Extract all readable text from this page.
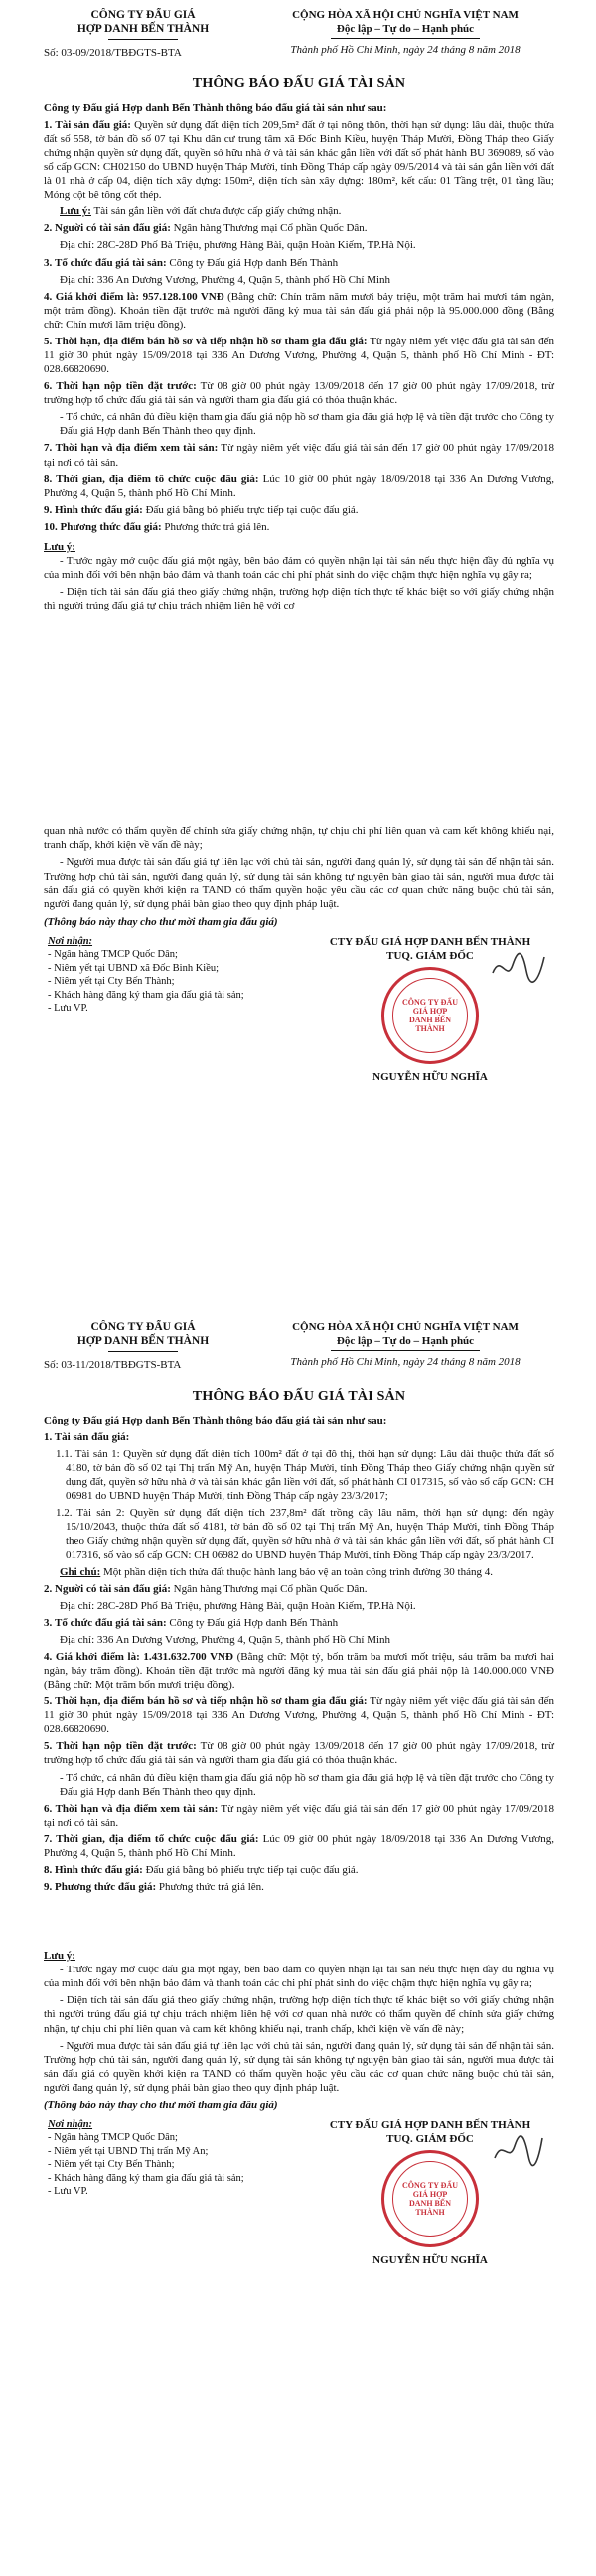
CÔNG TY ĐẤU GIÁ
HỢP DANH BẾN THÀNH
Số: 03-09/2018/TBĐGTS-BTA
CỘNG HÒA XÃ HỘI CHỦ NGHĨA VIỆT NAM
Độc lập – Tự do – Hạnh phúc
Thành phố Hồ Chí Minh, ngày 24 tháng 8 năm 2018
THÔNG BÁO ĐẤU GIÁ TÀI SẢN

Công ty Đấu giá Hợp danh Bến Thành thông báo đấu giá tài sản như sau:

1. Tài sản đấu giá: Quyền sử dụng đất diện tích 209,5m² đất ở tại nông thôn, thời hạn sử dụng: lâu dài, thuộc thửa đất số 558, tờ bản đồ số 07 tại Khu dân cư trung tâm xã Đốc Binh Kiều, huyện Tháp Mười, Đồng Tháp theo Giấy chứng nhận quyền sử dụng đất, quyền sở hữu nhà ở và tài sản khác gắn liền với đất số phát hành BU 369089, số vào sổ cấp GCN: CH02150 do UBND huyện Tháp Mười, tỉnh Đồng Tháp cấp ngày 09/5/2014 và tài sản gắn liền với đất là 01 nhà ở cấp 04, diện tích xây dựng: 150m², diện tích sàn xây dựng: 180m², kết cấu: 01 Tầng trệt, 01 tầng lầu; Móng cột bê tông cốt thép.

Lưu ý: Tài sản gắn liền với đất chưa được cấp giấy chứng nhận.

2. Người có tài sản đấu giá: Ngân hàng Thương mại Cổ phần Quốc Dân.

Địa chỉ: 28C-28D Phố Bà Triệu, phường Hàng Bài, quận Hoàn Kiếm, TP.Hà Nội.

3. Tổ chức đấu giá tài sản: Công ty Đấu giá Hợp danh Bến Thành

Địa chỉ: 336 An Dương Vương, Phường 4, Quận 5, thành phố Hồ Chí Minh

4. Giá khởi điểm là: 957.128.100 VNĐ (Bằng chữ: Chín trăm năm mươi bảy triệu, một trăm hai mươi tám ngàn, một trăm đồng). Khoản tiền đặt trước mà người đăng ký mua tài sản đấu giá phải nộp là 95.000.000 đồng (Bằng chữ: Chín mươi lăm triệu đồng).

5. Thời hạn, địa điểm bán hồ sơ và tiếp nhận hồ sơ tham gia đấu giá: Từ ngày niêm yết việc đấu giá tài sản đến 11 giờ 30 phút ngày 15/09/2018 tại 336 An Dương Vương, Phường 4, Quận 5, thành phố Hồ Chí Minh - ĐT: 028.66820690.

6. Thời hạn nộp tiền đặt trước: Từ 08 giờ 00 phút ngày 13/09/2018 đến 17 giờ 00 phút ngày 17/09/2018, trừ trường hợp tổ chức đấu giá tài sản và người tham gia đấu giá có thỏa thuận khác.

- Tổ chức, cá nhân đủ điều kiện tham gia đấu giá nộp hồ sơ tham gia đấu giá hợp lệ và tiền đặt trước cho Công ty Đấu giá Hợp danh Bến Thành theo quy định.

7. Thời hạn và địa điểm xem tài sản: Từ ngày niêm yết việc đấu giá tài sản đến 17 giờ 00 phút ngày 17/09/2018 tại nơi có tài sản.

8. Thời gian, địa điểm tổ chức cuộc đấu giá: Lúc 10 giờ 00 phút ngày 18/09/2018 tại 336 An Dương Vương, Phường 4, Quận 5, thành phố Hồ Chí Minh.

9. Hình thức đấu giá: Đấu giá bằng bỏ phiếu trực tiếp tại cuộc đấu giá.

10. Phương thức đấu giá: Phương thức trả giá lên.

Lưu ý:

- Trước ngày mở cuộc đấu giá một ngày, bên bảo đảm có quyền nhận lại tài sản nếu thực hiện đầy đủ nghĩa vụ của mình đối với bên nhận bảo đảm và thanh toán các chi phí phát sinh do việc chậm thực hiện nghĩa vụ gây ra;

- Diện tích tài sản đấu giá theo giấy chứng nhận, trường hợp diện tích thực tế khác biệt so với giấy chứng nhận thì người trúng đấu giá tự chịu trách nhiệm liên hệ với cơ

quan nhà nước có thẩm quyền để chỉnh sửa giấy chứng nhận, tự chịu chi phí liên quan và cam kết không khiếu nại, tranh chấp, khởi kiện về vấn đề này;

- Người mua được tài sản đấu giá tự liên lạc với chủ tài sản, người đang quản lý, sử dụng tài sản để nhận tài sản. Trường hợp chủ tài sản, người đang quản lý, sử dụng tài sản không tự nguyện bàn giao tài sản, người mua được tài sản đấu giá có quyền khởi kiện ra TAND có thẩm quyền hoặc yêu cầu các cơ quan chức năng buộc chủ tài sản, người đang quản lý, sử dụng phải bàn giao theo quy định pháp luật.

(Thông báo này thay cho thư mời tham gia đấu giá)
Nơi nhận:
- Ngân hàng TMCP Quốc Dân;
- Niêm yết tại UBND xã Đốc Binh Kiều;
- Niêm yết tại Cty Bến Thành;
- Khách hàng đăng ký tham gia đấu giá tài sản;
- Lưu VP.
CTY ĐẤU GIÁ HỢP DANH BẾN THÀNH
TUQ. GIÁM ĐỐC
CÔNG TY ĐẤU GIÁ HỢP DANH BẾN THÀNH
NGUYỄN HỮU NGHĨA
CÔNG TY ĐẤU GIÁ
HỢP DANH BẾN THÀNH
Số: 03-11/2018/TBĐGTS-BTA
CỘNG HÒA XÃ HỘI CHỦ NGHĨA VIỆT NAM
Độc lập – Tự do – Hạnh phúc
Thành phố Hồ Chí Minh, ngày 24 tháng 8 năm 2018
THÔNG BÁO ĐẤU GIÁ TÀI SẢN

Công ty Đấu giá Hợp danh Bến Thành thông báo đấu giá tài sản như sau:

1. Tài sản đấu giá:

1.1. Tài sản 1: Quyền sử dụng đất diện tích 100m² đất ở tại đô thị, thời hạn sử dụng: Lâu dài thuộc thửa đất số 4180, tờ bản đồ số 02 tại Thị trấn Mỹ An, huyện Tháp Mười, tỉnh Đồng Tháp theo Giấy chứng nhận quyền sử dụng đất, quyền sở hữu nhà ở và tài sản khác gắn liền với đất, số phát hành CI 017315, số vào sổ cấp GCN: CH 06981 do UBND huyện Tháp Mười, tỉnh Đồng Tháp cấp ngày 23/3/2017;

1.2. Tài sản 2: Quyền sử dụng đất diện tích 237,8m² đất trồng cây lâu năm, thời hạn sử dụng: đến ngày 15/10/2043, thuộc thửa đất số 4181, tờ bản đồ số 02 tại Thị trấn Mỹ An, huyện Tháp Mười, tỉnh Đồng Tháp theo Giấy chứng nhận quyền sử dụng đất, quyền sở hữu nhà ở và tài sản khác gắn liền với đất, số phát hành CI 017316, số vào sổ cấp GCN: CH 06982 do UBND huyện Tháp Mười, tỉnh Đồng Tháp cấp ngày 23/3/2017.

Ghi chú: Một phần diện tích thửa đất thuộc hành lang bảo vệ an toàn công trình đường 30 tháng 4.

2. Người có tài sản đấu giá: Ngân hàng Thương mại Cổ phần Quốc Dân.

Địa chỉ: 28C-28D Phố Bà Triệu, phường Hàng Bài, quận Hoàn Kiếm, TP.Hà Nội.

3. Tổ chức đấu giá tài sản: Công ty Đấu giá Hợp danh Bến Thành

Địa chỉ: 336 An Dương Vương, Phường 4, Quận 5, thành phố Hồ Chí Minh

4. Giá khởi điểm là: 1.431.632.700 VNĐ (Bằng chữ: Một tỷ, bốn trăm ba mươi mốt triệu, sáu trăm ba mươi hai ngàn, bảy trăm đồng). Khoản tiền đặt trước mà người đăng ký mua tài sản đấu giá phải nộp là 140.000.000 VNĐ (Bằng chữ: Một trăm bốn mươi triệu đồng).

5. Thời hạn, địa điểm bán hồ sơ và tiếp nhận hồ sơ tham gia đấu giá: Từ ngày niêm yết việc đấu giá tài sản đến 11 giờ 30 phút ngày 15/09/2018 tại 336 An Dương Vương, Phường 4, Quận 5, thành phố Hồ Chí Minh - ĐT: 028.66820690.

5. Thời hạn nộp tiền đặt trước: Từ 08 giờ 00 phút ngày 13/09/2018 đến 17 giờ 00 phút ngày 17/09/2018, trừ trường hợp tổ chức đấu giá tài sản và người tham gia đấu giá có thỏa thuận khác.

- Tổ chức, cá nhân đủ điều kiện tham gia đấu giá nộp hồ sơ tham gia đấu giá hợp lệ và tiền đặt trước cho Công ty Đấu giá Hợp danh Bến Thành theo quy định.

6. Thời hạn và địa điểm xem tài sản: Từ ngày niêm yết việc đấu giá tài sản đến 17 giờ 00 phút ngày 17/09/2018 tại nơi có tài sản.

7. Thời gian, địa điểm tổ chức cuộc đấu giá: Lúc 09 giờ 00 phút ngày 18/09/2018 tại 336 An Dương Vương, Phường 4, Quận 5, thành phố Hồ Chí Minh.

8. Hình thức đấu giá: Đấu giá bằng bỏ phiếu trực tiếp tại cuộc đấu giá.

9. Phương thức đấu giá: Phương thức trả giá lên.

Lưu ý:

- Trước ngày mở cuộc đấu giá một ngày, bên bảo đảm có quyền nhận lại tài sản nếu thực hiện đầy đủ nghĩa vụ của mình đối với bên nhận bảo đảm và thanh toán các chi phí phát sinh do việc chậm thực hiện nghĩa vụ gây ra;

- Diện tích tài sản đấu giá theo giấy chứng nhận, trường hợp diện tích thực tế khác biệt so với giấy chứng nhận thì người trúng đấu giá tự chịu trách nhiệm liên hệ với cơ quan nhà nước có thẩm quyền để chỉnh sửa giấy chứng nhận, tự chịu chi phí liên quan và cam kết không khiếu nại, tranh chấp, khởi kiện về vấn đề này;

- Người mua được tài sản đấu giá tự liên lạc với chủ tài sản, người đang quản lý, sử dụng tài sản để nhận tài sản. Trường hợp chủ tài sản, người đang quản lý, sử dụng tài sản không tự nguyện bàn giao tài sản, người mua được tài sản đấu giá có quyền khởi kiện ra TAND có thẩm quyền hoặc yêu cầu các cơ quan chức năng buộc chủ tài sản, người đang quản lý, sử dụng phải bàn giao theo quy định pháp luật.

(Thông báo này thay cho thư mời tham gia đấu giá)
Nơi nhận:
- Ngân hàng TMCP Quốc Dân;
- Niêm yết tại UBND Thị trấn Mỹ An;
- Niêm yết tại Cty Bến Thành;
- Khách hàng đăng ký tham gia đấu giá tài sản;
- Lưu VP.
CTY ĐẤU GIÁ HỢP DANH BẾN THÀNH
TUQ. GIÁM ĐỐC
CÔNG TY ĐẤU GIÁ HỢP DANH BẾN THÀNH
NGUYỄN HỮU NGHĨA
